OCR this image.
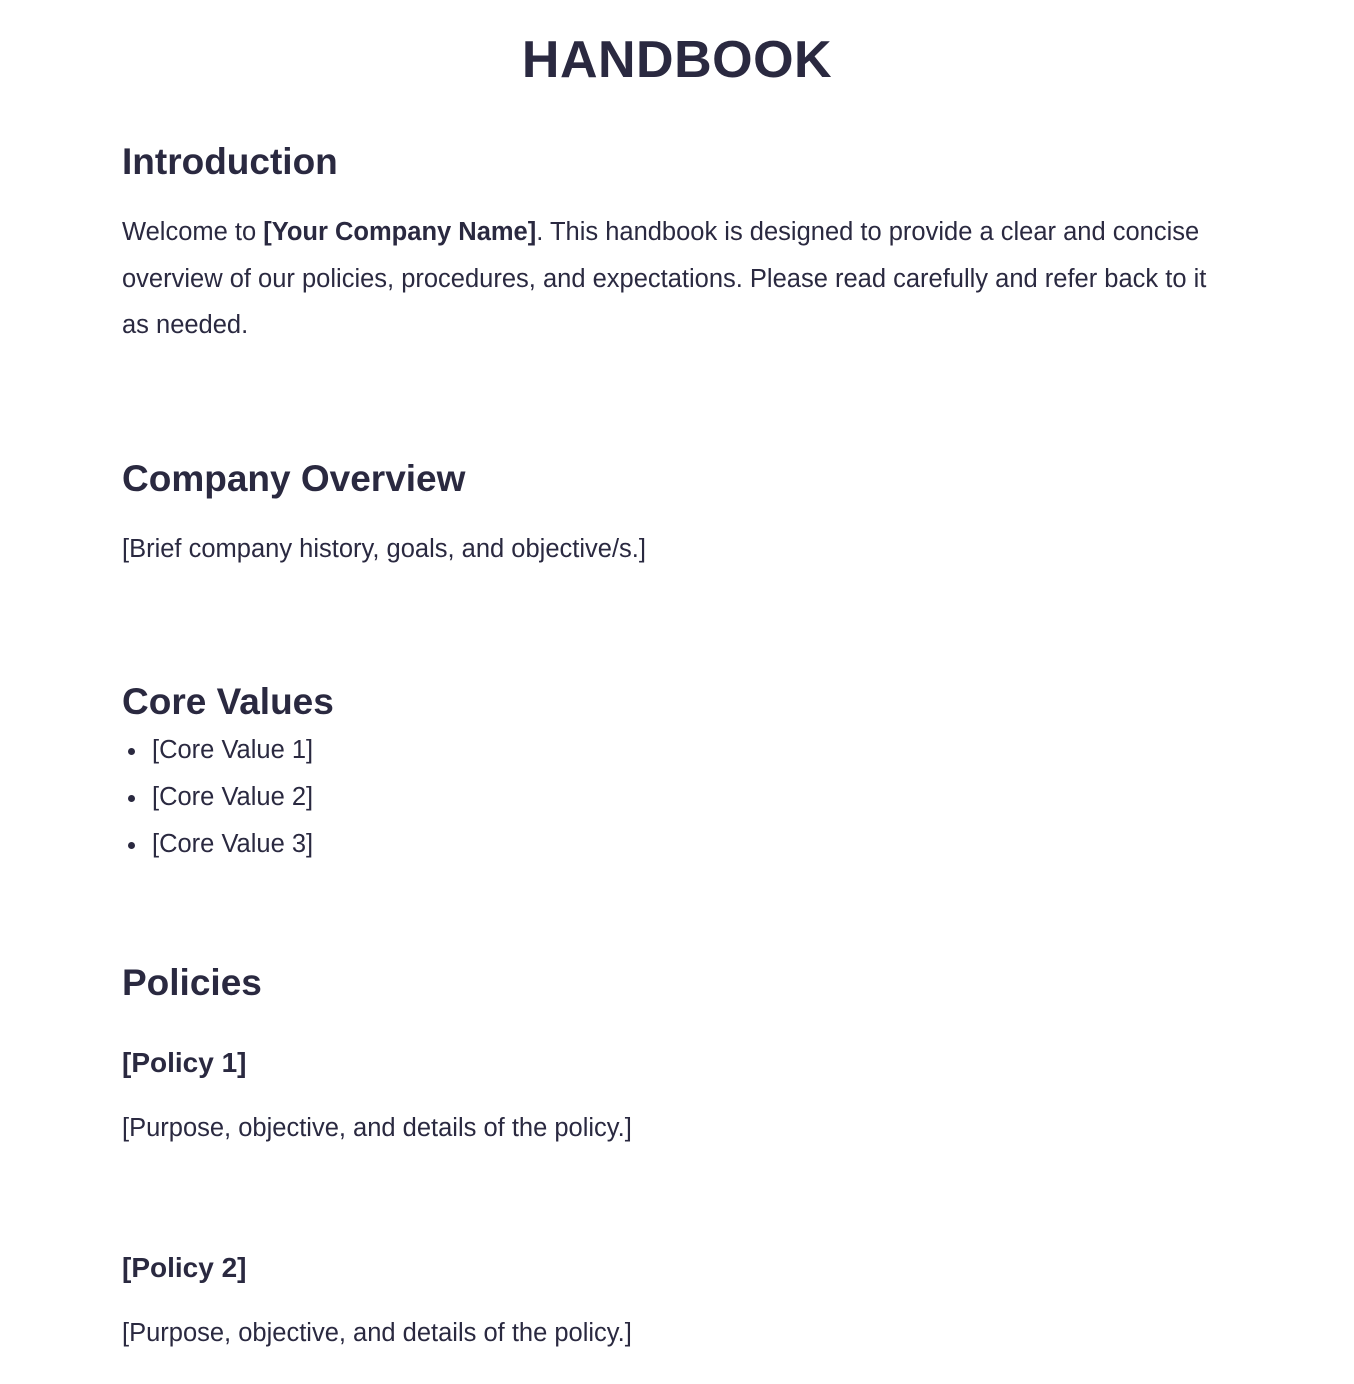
HANDBOOK
Introduction

Welcome to [Your Company Name]. This handbook is designed to provide a clear and concise overview of our policies, procedures, and expectations. Please read carefully and refer back to it as needed.

Company Overview

[Brief company history, goals, and objective/s.]

Core Values
[Core Value 1]
[Core Value 2]
[Core Value 3]
Policies
[Policy 1]

[Purpose, objective, and details of the policy.]

[Policy 2]

[Purpose, objective, and details of the policy.]
